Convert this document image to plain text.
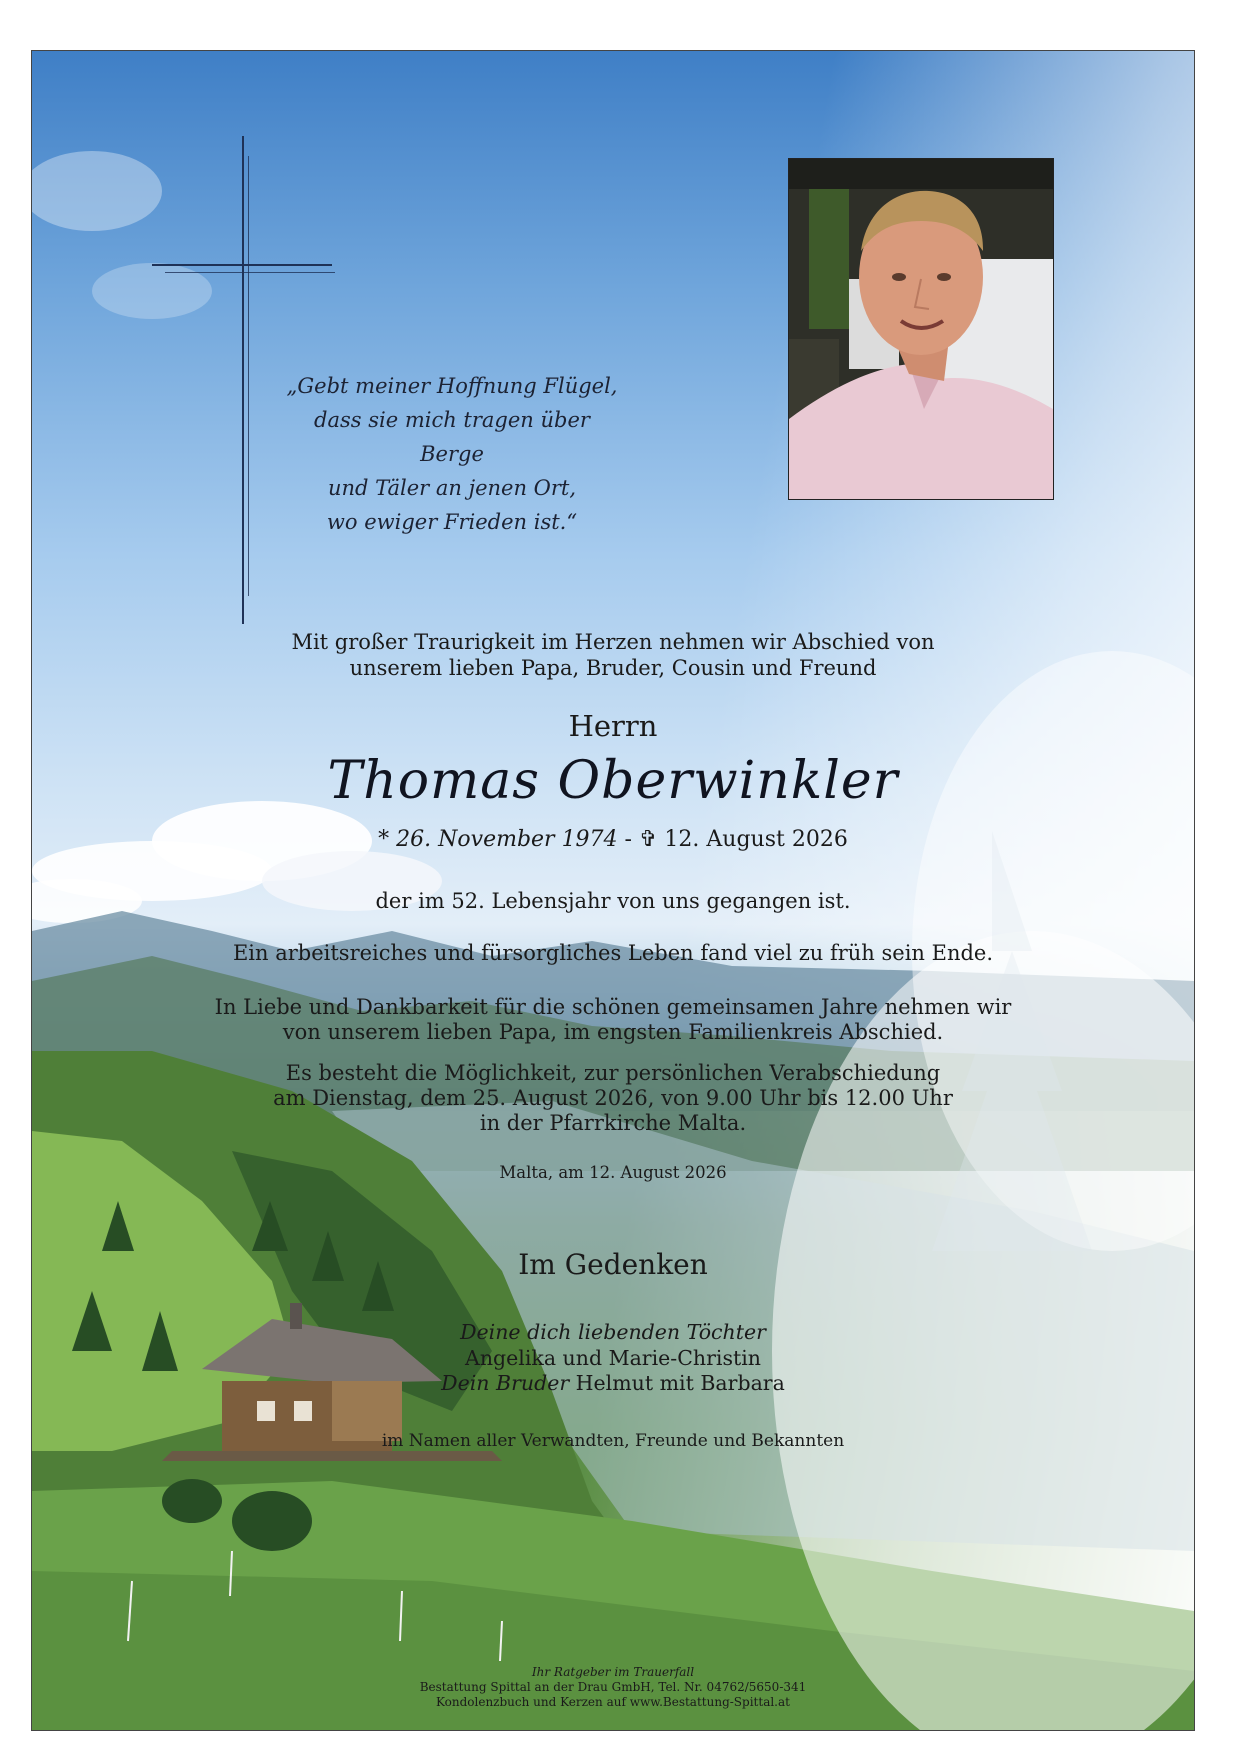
„Gebt meiner Hoffnung Flügel,
dass sie mich tragen über Berge
und Täler an jenen Ort,
wo ewiger Frieden ist.“
Mit großer Traurigkeit im Herzen nehmen wir Abschied von
unserem lieben Papa, Bruder, Cousin und Freund
Herrn
Thomas Oberwinkler
* 26. November 1974 - ✞ 12. August 2026
der im 52. Lebensjahr von uns gegangen ist.
Ein arbeitsreiches und fürsorgliches Leben fand viel zu früh sein Ende.
In Liebe und Dankbarkeit für die schönen gemeinsamen Jahre nehmen wir
von unserem lieben Papa, im engsten Familienkreis Abschied.
Es besteht die Möglichkeit, zur persönlichen Verabschiedung
am Dienstag, dem 25. August 2026, von 9.00 Uhr bis 12.00 Uhr
in der Pfarrkirche Malta.
Malta, am 12. August 2026
Im Gedenken
Deine dich liebenden Töchter
Angelika und Marie-Christin
Dein Bruder Helmut mit Barbara
im Namen aller Verwandten, Freunde und Bekannten
Ihr Ratgeber im Trauerfall
Bestattung Spittal an der Drau GmbH, Tel. Nr. 04762/5650-341
Kondolenzbuch und Kerzen auf www.Bestattung-Spittal.at
